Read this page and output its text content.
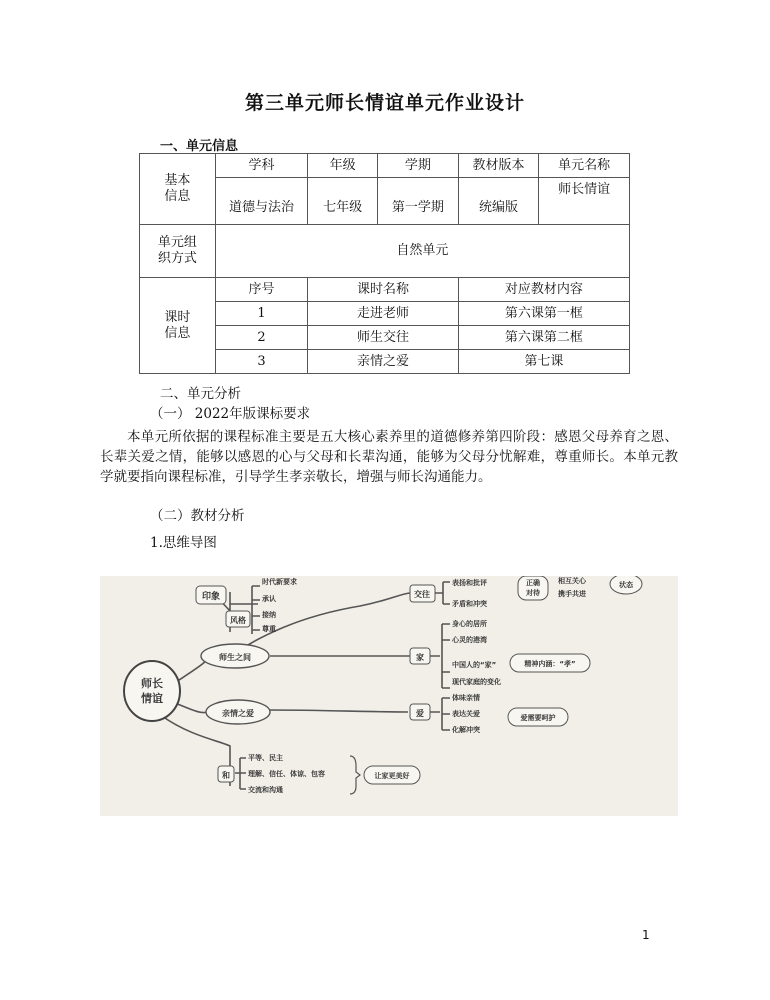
第三单元师长情谊单元作业设计
一、单元信息
基本
信息	学科	年级	学期	教材版本	单元名称
	道德与法治	七年级	第一学期	统编版	师长情谊
单元组
织方式	自然单元				
课时
信息	序号	课时名称		对应教材内容	
	1	走进老师		第六课第一框	
	2	师生交往		第六课第二框	
	3	亲情之爱		第七课	
二、单元分析
（一） 2022年版课标要求
本单元所依据的课程标准主要是五大核心素养里的道德修养第四阶段：感恩父母养育之恩、长辈关爱之情，能够以感恩的心与父母和长辈沟通，能够为父母分忧解难，尊重师长。本单元教学就要指向课程标准，引导学生孝亲敬长，增强与师长沟通能力。
（二）教材分析
1.思维导图
师长
情谊
印象
风格
时代新要求
承认
接纳
尊重
师生之间
交往
表扬和批评
矛盾和冲突
正确
对待
相互关心
携手共进
状态
家
身心的居所
心灵的港湾
中国人的“家”
现代家庭的变化
精神内涵：“孝”
亲情之爱	爱
体味亲情
表达关爱
化解冲突
爱需要呵护
和
平等、民主
理解、信任、体谅、包容
交流和沟通
让家更美好
1
